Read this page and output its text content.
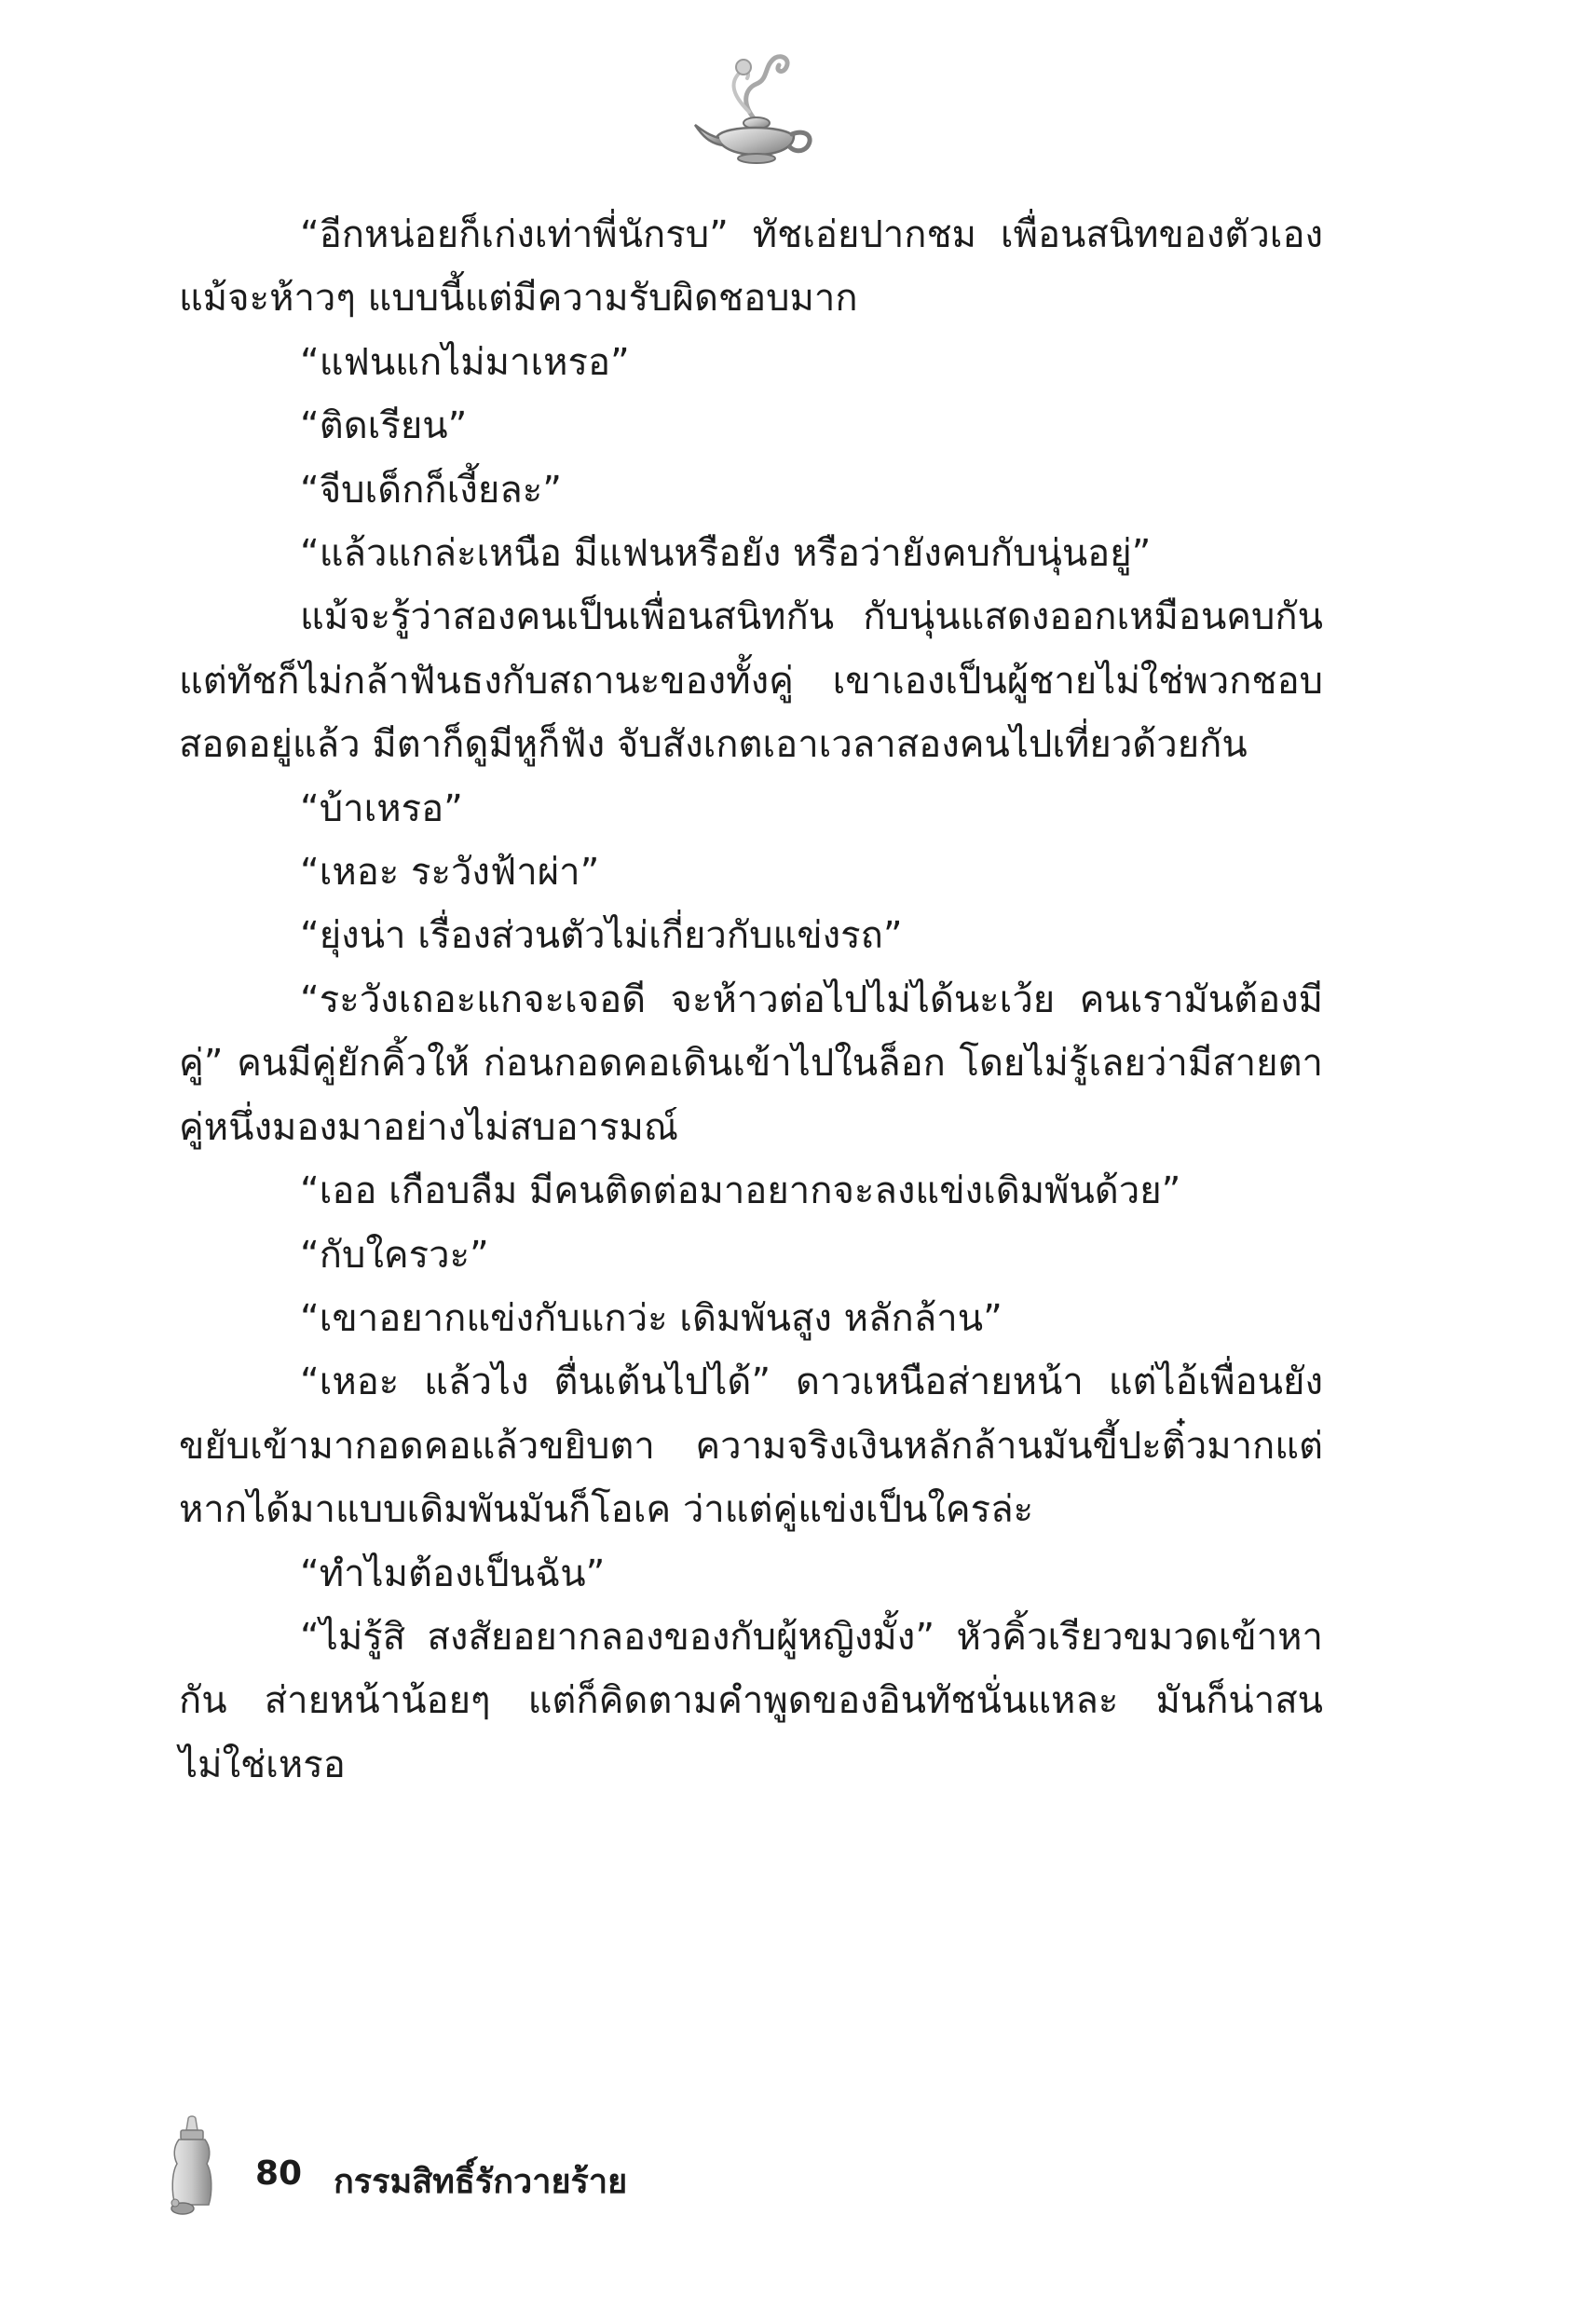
“อีกหน่อยก็เก่งเท่าพี่นักรบ” ทัชเอ่ยปากชม เพื่อนสนิทของตัวเองแม้จะห้าวๆ แบบนี้แต่มีความรับผิดชอบมาก

“แฟนแกไม่มาเหรอ”

“ติดเรียน”

“จีบเด็กก็เงี้ยละ”

“แล้วแกล่ะเหนือ มีแฟนหรือยัง หรือว่ายังคบกับนุ่นอยู่”

แม้จะรู้ว่าสองคนเป็นเพื่อนสนิทกัน กับนุ่นแสดงออกเหมือนคบกัน แต่ทัชก็ไม่กล้าฟันธงกับสถานะของทั้งคู่ เขาเองเป็นผู้ชายไม่ใช่พวกชอบสอดอยู่แล้ว มีตาก็ดูมีหูก็ฟัง จับสังเกตเอาเวลาสองคนไปเที่ยวด้วยกัน

“บ้าเหรอ”

“เหอะ ระวังฟ้าผ่า”

“ยุ่งน่า เรื่องส่วนตัวไม่เกี่ยวกับแข่งรถ”

“ระวังเถอะแกจะเจอดี จะห้าวต่อไปไม่ได้นะเว้ย คนเรามันต้องมีคู่” คนมีคู่ยักคิ้วให้ ก่อนกอดคอเดินเข้าไปในล็อก โดยไม่รู้เลยว่ามีสายตาคู่หนึ่งมองมาอย่างไม่สบอารมณ์

“เออ เกือบลืม มีคนติดต่อมาอยากจะลงแข่งเดิมพันด้วย”

“กับใครวะ”

“เขาอยากแข่งกับแกว่ะ เดิมพันสูง หลักล้าน”

“เหอะ แล้วไง ตื่นเต้นไปได้” ดาวเหนือส่ายหน้า แต่ไอ้เพื่อนยังขยับเข้ามากอดคอแล้วขยิบตา ความจริงเงินหลักล้านมันขี้ปะติ๋วมากแต่หากได้มาแบบเดิมพันมันก็โอเค ว่าแต่คู่แข่งเป็นใครล่ะ

“ทำไมต้องเป็นฉัน”

“ไม่รู้สิ สงสัยอยากลองของกับผู้หญิงมั้ง” หัวคิ้วเรียวขมวดเข้าหากัน ส่ายหน้าน้อยๆ แต่ก็คิดตามคำพูดของอินทัชนั่นแหละ มันก็น่าสนไม่ใช่เหรอ

80 กรรมสิทธิ์รักวายร้าย
